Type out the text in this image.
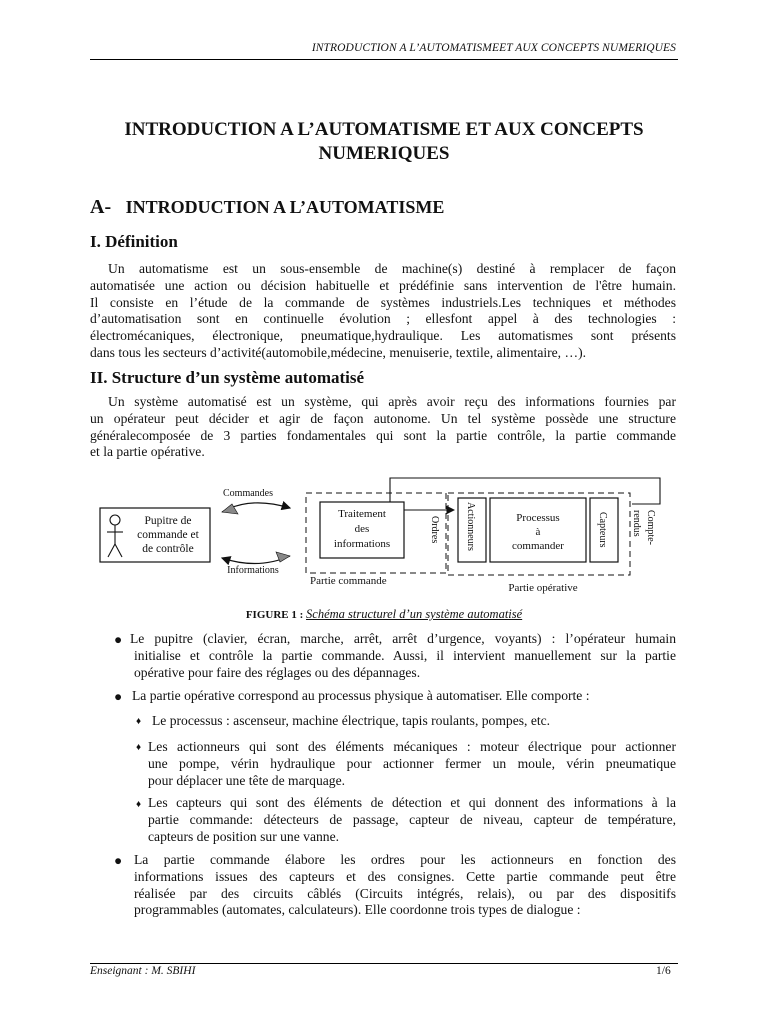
INTRODUCTION A L’AUTOMATISMEET AUX CONCEPTS NUMERIQUES
INTRODUCTION A L’AUTOMATISME ET AUX CONCEPTS
NUMERIQUES
A- INTRODUCTION A L’AUTOMATISME
I. Définition
Un automatisme est un sous-ensemble de machine(s) destiné à remplacer de façon
automatisée une action ou décision habituelle et prédéfinie sans intervention de l'être humain.
Il consiste en l’étude de la commande de systèmes industriels.Les techniques et méthodes
d’automatisation sont en continuelle évolution ; ellesfont appel à des technologies :
électromécaniques, électronique, pneumatique,hydraulique. Les automatismes sont présents
dans tous les secteurs d’activité(automobile,médecine, menuiserie, textile, alimentaire, …).
II. Structure d’un système automatisé
Un système automatisé est un système, qui après avoir reçu des informations fournies par
un opérateur peut décider et agir de façon autonome. Un tel système possède une structure
généralecomposée de 3 parties fondamentales qui sont la partie contrôle, la partie commande
et la partie opérative.
Pupitre de
commande et
de contrôle
Commandes
Informations
Partie commande
Traitement
des
informations
Ordres
Partie opérative
Actionneurs	Processus
à
commander	Capteurs	Compte-
rendus
FIGURE 1 : Schéma structurel d’un système automatisé
● Le pupitre (clavier, écran, marche, arrêt, arrêt d’urgence, voyants) : l’opérateur humain
initialise et contrôle la partie commande. Aussi, il intervient manuellement sur la partie
opérative pour faire des réglages ou des dépannages.
● La partie opérative correspond au processus physique à automatiser. Elle comporte :
♦ Le processus : ascenseur, machine électrique, tapis roulants, pompes, etc.
♦ Les actionneurs qui sont des éléments mécaniques : moteur électrique pour actionner
une pompe, vérin hydraulique pour actionner fermer un moule, vérin pneumatique
pour déplacer une tête de marquage.
♦ Les capteurs qui sont des éléments de détection et qui donnent des informations à la
partie commande: détecteurs de passage, capteur de niveau, capteur de température,
capteurs de position sur une vanne.
● La partie commande élabore les ordres pour les actionneurs en fonction des
informations issues des capteurs et des consignes. Cette partie commande peut être
réalisée par des circuits câblés (Circuits intégrés, relais), ou par des dispositifs
programmables (automates, calculateurs). Elle coordonne trois types de dialogue :
Enseignant : M. SBIHI	1/6
